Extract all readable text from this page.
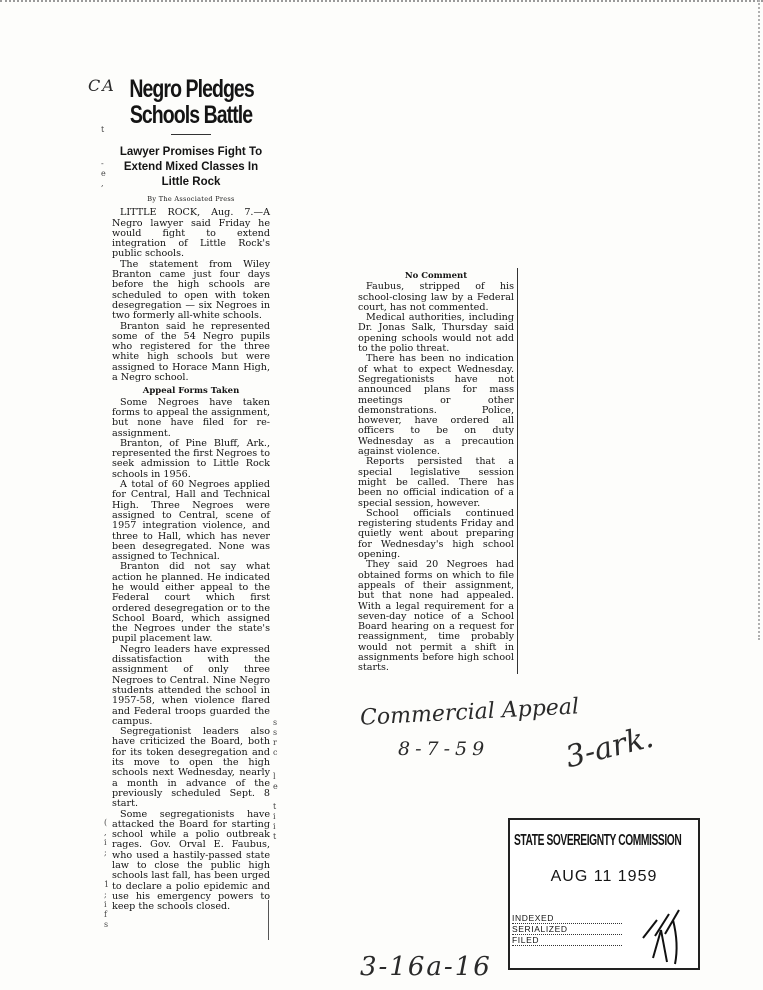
CA Negro Pledges
Schools Battle
Lawyer Promises Fight To
Extend Mixed Classes In
Little Rock
By The Associated Press

LITTLE ROCK, Aug. 7.—A Negro lawyer said Friday he would fight to extend integration of Little Rock's public schools.

The statement from Wiley Branton came just four days before the high schools are scheduled to open with token desegregation — six Negroes in two formerly all-white schools.

Branton said he represented some of the 54 Negro pupils who registered for the three white high schools but were assigned to Horace Mann High, a Negro school.

Appeal Forms Taken

Some Negroes have taken forms to appeal the assignment, but none have filed for re-assignment.

Branton, of Pine Bluff, Ark., represented the first Negroes to seek admission to Little Rock schools in 1956.

A total of 60 Negroes applied for Central, Hall and Technical High. Three Negroes were assigned to Central, scene of 1957 integration violence, and three to Hall, which has never been desegregated. None was assigned to Technical.

Branton did not say what action he planned. He indicated he would either appeal to the Federal court which first ordered desegregation or to the School Board, which assigned the Negroes under the state's pupil placement law.

Negro leaders have expressed dissatisfaction with the assignment of only three Negroes to Central. Nine Negro students attended the school in 1957-58, when violence flared and Federal troops guarded the campus.

Segregationist leaders also have criticized the Board, both for its token desegregation and its move to open the high schools next Wednesday, nearly a month in advance of the previously scheduled Sept. 8 start.

Some segregationists have attacked the Board for starting school while a polio outbreak rages. Gov. Orval E. Faubus, who used a hastily-passed state law to close the public high schools last fall, has been urged to declare a polio epidemic and use his emergency powers to keep the schools closed.

No Comment

Faubus, stripped of his school-closing law by a Federal court, has not commented.

Medical authorities, including Dr. Jonas Salk, Thursday said opening schools would not add to the polio threat.

There has been no indication of what to expect Wednesday. Segregationists have not announced plans for mass meetings or other demonstrations. Police, however, have ordered all officers to be on duty Wednesday as a precaution against violence.

Reports persisted that a special legislative session might be called. There has been no official indication of a special session, however.

School officials continued registering students Friday and quietly went about preparing for Wednesday's high school opening.

They said 20 Negroes had obtained forms on which to file appeals of their assignment, but that none had appealed. With a legal requirement for a seven-day notice of a School Board hearing on a request for reassignment, time probably would not permit a shift in assignments before high school starts.

t
-
e
,
s
s
r
c
l
e
t
i
i
t
(
,
i
;
1
;
i
f
s
Commercial Appeal
8-7-59 3-ark.
3-16a-16
STATE SOVEREIGNTY COMMISSION
AUG 11 1959
INDEXED
SERIALIZED
FILED
